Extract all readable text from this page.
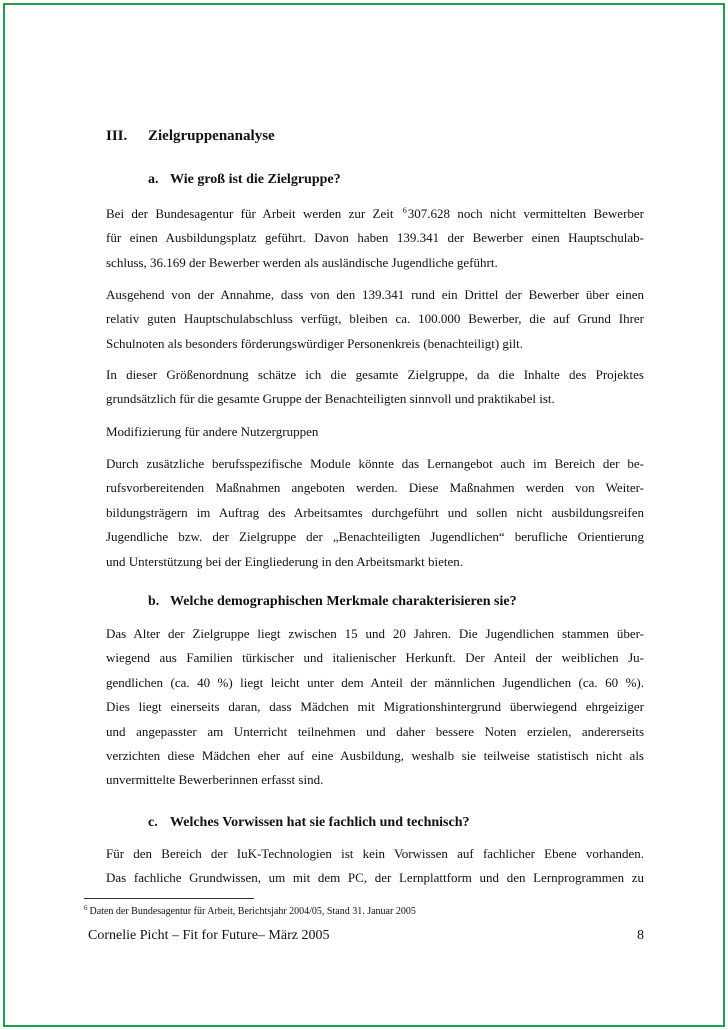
III. Zielgruppenanalyse
a. Wie groß ist die Zielgruppe?
Bei der Bundesagentur für Arbeit werden zur Zeit $^6$307.628 noch nicht vermittelten Bewerber
für einen Ausbildungsplatz geführt. Davon haben 139.341 der Bewerber einen Hauptschulab-
schluss, 36.169 der Bewerber werden als ausländische Jugendliche geführt.
Ausgehend von der Annahme, dass von den 139.341 rund ein Drittel der Bewerber über einen
relativ guten Hauptschulabschluss verfügt, bleiben ca. 100.000 Bewerber, die auf Grund Ihrer
Schulnoten als besonders förderungswürdiger Personenkreis (benachteiligt) gilt.
In dieser Größenordnung schätze ich die gesamte Zielgruppe, da die Inhalte des Projektes
grundsätzlich für die gesamte Gruppe der Benachteiligten sinnvoll und praktikabel ist.
Modifizierung für andere Nutzergruppen
Durch zusätzliche berufsspezifische Module könnte das Lernangebot auch im Bereich der be-
rufsvorbereitenden Maßnahmen angeboten werden. Diese Maßnahmen werden von Weiter-
bildungsträgern im Auftrag des Arbeitsamtes durchgeführt und sollen nicht ausbildungsreifen
Jugendliche bzw. der Zielgruppe der „Benachteiligten Jugendlichen“ berufliche Orientierung
und Unterstützung bei der Eingliederung in den Arbeitsmarkt bieten.
b. Welche demographischen Merkmale charakterisieren sie?
Das Alter der Zielgruppe liegt zwischen 15 und 20 Jahren. Die Jugendlichen stammen über-
wiegend aus Familien türkischer und italienischer Herkunft. Der Anteil der weiblichen Ju-
gendlichen (ca. 40 %) liegt leicht unter dem Anteil der männlichen Jugendlichen (ca. 60 %).
Dies liegt einerseits daran, dass Mädchen mit Migrationshintergrund überwiegend ehrgeiziger
und angepasster am Unterricht teilnehmen und daher bessere Noten erzielen, andererseits
verzichten diese Mädchen eher auf eine Ausbildung, weshalb sie teilweise statistisch nicht als
unvermittelte Bewerberinnen erfasst sind.
c. Welches Vorwissen hat sie fachlich und technisch?
Für den Bereich der IuK-Technologien ist kein Vorwissen auf fachlicher Ebene vorhanden.
Das fachliche Grundwissen, um mit dem PC, der Lernplattform und den Lernprogrammen zu
$^6$ Daten der Bundesagentur für Arbeit, Berichtsjahr 2004/05, Stand 31. Januar 2005
Cornelie Picht – Fit for Future– März 2005	8
